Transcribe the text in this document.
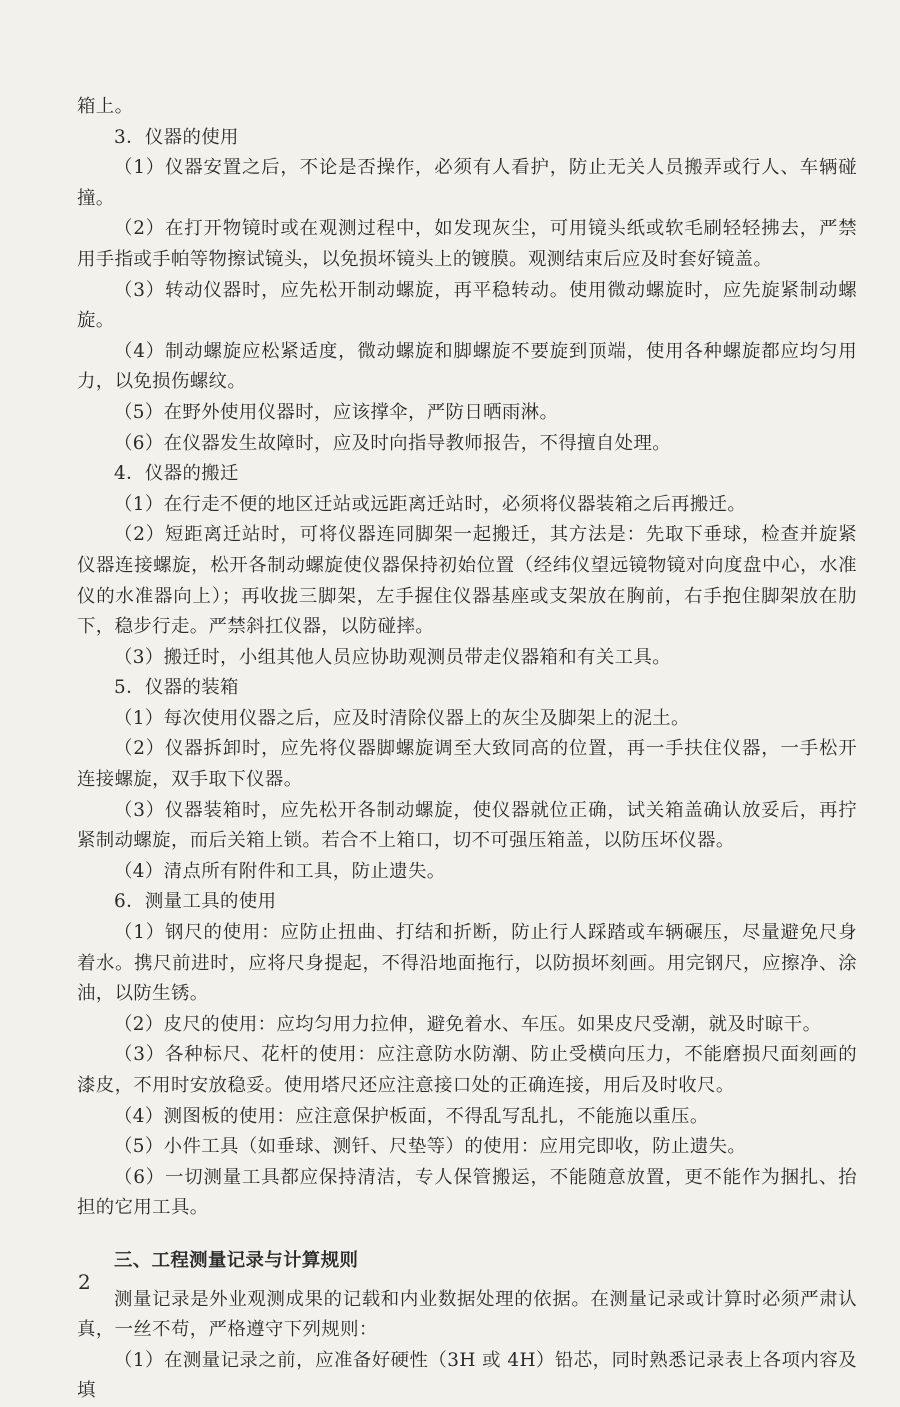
箱上。

3．仪器的使用

（1）仪器安置之后，不论是否操作，必须有人看护，防止无关人员搬弄或行人、车辆碰撞。

（2）在打开物镜时或在观测过程中，如发现灰尘，可用镜头纸或软毛刷轻轻拂去，严禁用手指或手帕等物擦试镜头，以免损坏镜头上的镀膜。观测结束后应及时套好镜盖。

（3）转动仪器时，应先松开制动螺旋，再平稳转动。使用微动螺旋时，应先旋紧制动螺旋。

（4）制动螺旋应松紧适度，微动螺旋和脚螺旋不要旋到顶端，使用各种螺旋都应均匀用力，以免损伤螺纹。

（5）在野外使用仪器时，应该撑伞，严防日晒雨淋。

（6）在仪器发生故障时，应及时向指导教师报告，不得擅自处理。

4．仪器的搬迁

（1）在行走不便的地区迁站或远距离迁站时，必须将仪器装箱之后再搬迁。

（2）短距离迁站时，可将仪器连同脚架一起搬迁，其方法是：先取下垂球，检查并旋紧仪器连接螺旋，松开各制动螺旋使仪器保持初始位置（经纬仪望远镜物镜对向度盘中心，水准仪的水准器向上）；再收拢三脚架，左手握住仪器基座或支架放在胸前，右手抱住脚架放在肋下，稳步行走。严禁斜扛仪器，以防碰摔。

（3）搬迁时，小组其他人员应协助观测员带走仪器箱和有关工具。

5．仪器的装箱

（1）每次使用仪器之后，应及时清除仪器上的灰尘及脚架上的泥土。

（2）仪器拆卸时，应先将仪器脚螺旋调至大致同高的位置，再一手扶住仪器，一手松开连接螺旋，双手取下仪器。

（3）仪器装箱时，应先松开各制动螺旋，使仪器就位正确，试关箱盖确认放妥后，再拧紧制动螺旋，而后关箱上锁。若合不上箱口，切不可强压箱盖，以防压坏仪器。

（4）清点所有附件和工具，防止遗失。

6．测量工具的使用

（1）钢尺的使用：应防止扭曲、打结和折断，防止行人踩踏或车辆碾压，尽量避免尺身着水。携尺前进时，应将尺身提起，不得沿地面拖行，以防损坏刻画。用完钢尺，应擦净、涂油，以防生锈。

（2）皮尺的使用：应均匀用力拉伸，避免着水、车压。如果皮尺受潮，就及时晾干。

（3）各种标尺、花杆的使用：应注意防水防潮、防止受横向压力，不能磨损尺面刻画的漆皮，不用时安放稳妥。使用塔尺还应注意接口处的正确连接，用后及时收尺。

（4）测图板的使用：应注意保护板面，不得乱写乱扎，不能施以重压。

（5）小件工具（如垂球、测钎、尺垫等）的使用：应用完即收，防止遗失。

（6）一切测量工具都应保持清洁，专人保管搬运，不能随意放置，更不能作为捆扎、抬担的它用工具。

三、工程测量记录与计算规则

测量记录是外业观测成果的记载和内业数据处理的依据。在测量记录或计算时必须严肃认真，一丝不苟，严格遵守下列规则：

（1）在测量记录之前，应准备好硬性（3H 或 4H）铅芯，同时熟悉记录表上各项内容及填

2
